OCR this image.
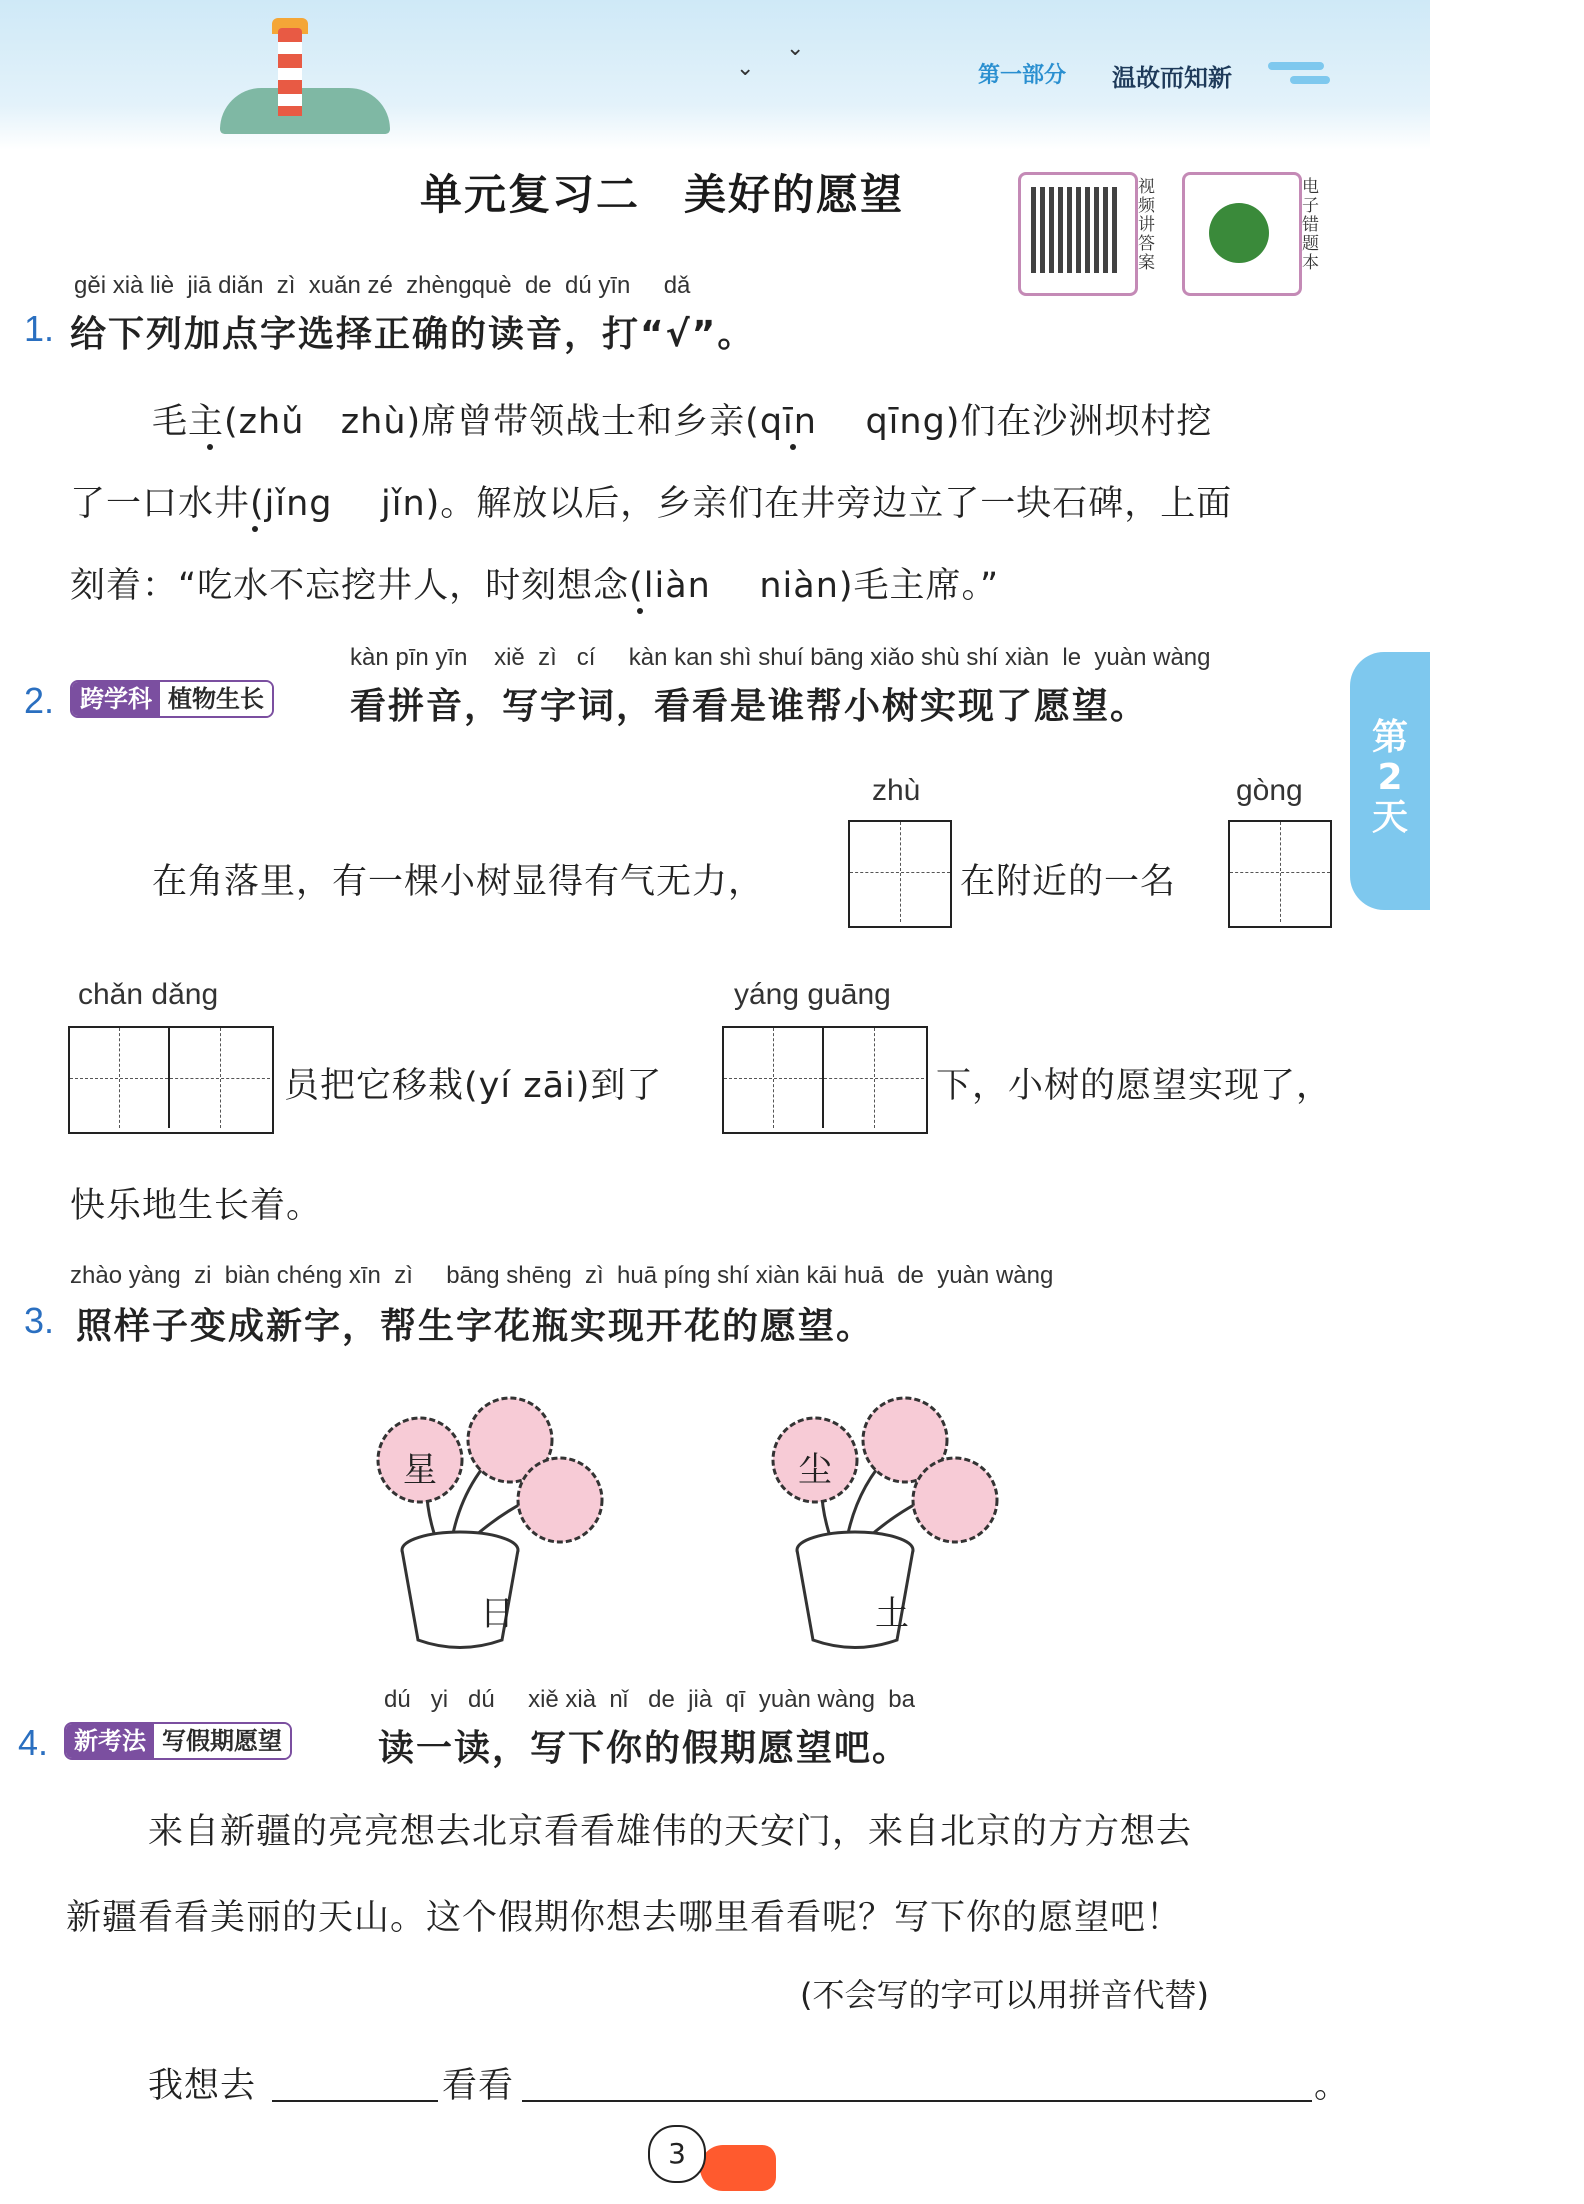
⌄
⌄
第一部分 温故而知新
单元复习二　美好的愿望	视频讲答案
电子错题本
第
2
天
gěi xià liè  jiā diǎn  zì  xuǎn zé  zhèngquè  de  dú yīn     dǎ
1. 给下列加点字选择正确的读音，打“√”。
毛主(zhǔ   zhù)席曾带领战士和乡亲(qīn    qīng)们在沙洲坝村挖
了一口水井(jǐng    jǐn)。解放以后，乡亲们在井旁边立了一块石碑，上面
刻着：“吃水不忘挖井人，时刻想念(liàn    niàn)毛主席。”
kàn pīn yīn    xiě  zì   cí     kàn kan shì shuí bāng xiǎo shù shí xiàn  le  yuàn wàng
2.	跨学科 植物生长 看拼音，写字词，看看是谁帮小树实现了愿望。
zhù	gòng
在角落里，有一棵小树显得有气无力，	在附近的一名
chǎn dǎng	yáng guāng
员把它移栽(yí zāi)到了	下，小树的愿望实现了，
快乐地生长着。
zhào yàng  zi  biàn chéng xīn  zì     bāng shēng  zì  huā píng shí xiàn kāi huā  de  yuàn wàng
3. 照样子变成新字，帮生字花瓶实现开花的愿望。
星
日
尘
土
dú   yi   dú     xiě xià  nǐ   de  jià  qī  yuàn wàng  ba
4.	新考法 写假期愿望	读一读，写下你的假期愿望吧。
来自新疆的亮亮想去北京看看雄伟的天安门，来自北京的方方想去
新疆看看美丽的天山。这个假期你想去哪里看看呢？写下你的愿望吧！
(不会写的字可以用拼音代替)
我想去	看看	。
3
